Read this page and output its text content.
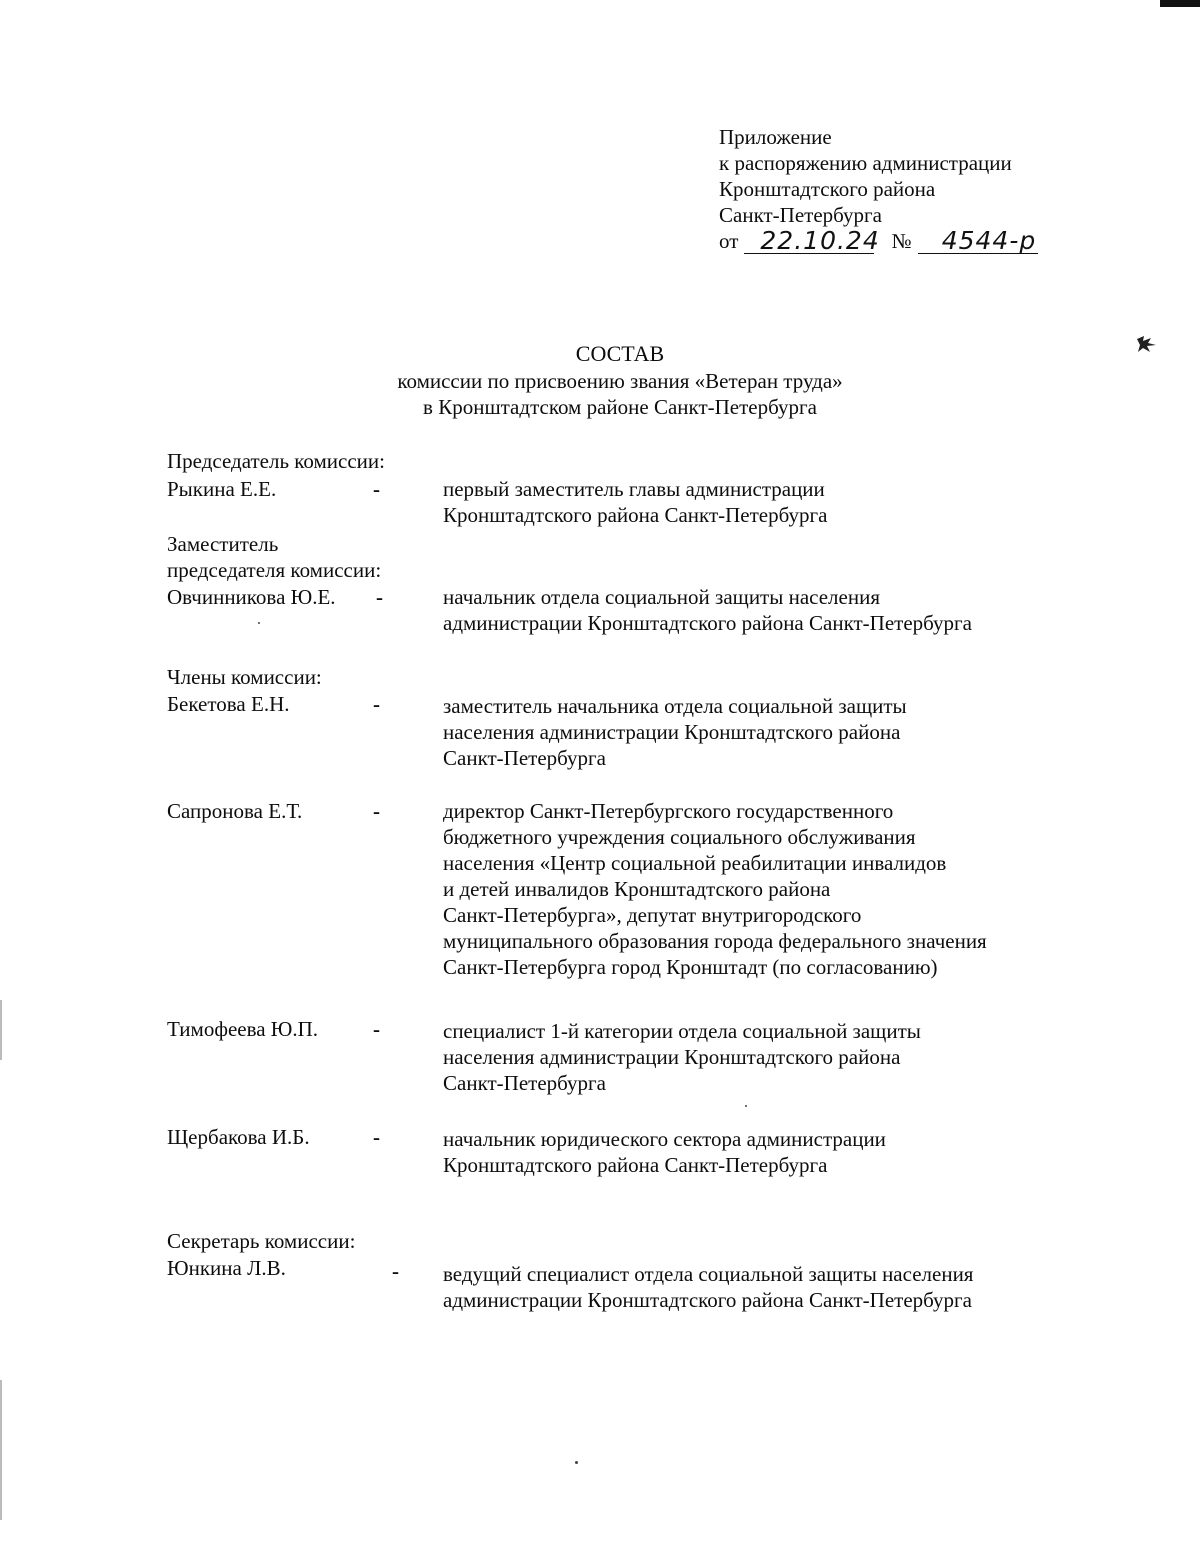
Приложение
к распоряжению администрации
Кронштадтского района
Санкт-Петербурга
от 22.10.24 № 4544-р
СОСТАВ
комиссии по присвоению звания «Ветеран труда»
в Кронштадтском районе Санкт-Петербурга
Председатель комиссии:
Рыкина Е.Е.	-	первый заместитель главы администрации
Кронштадтского района Санкт-Петербурга
Заместитель
председателя комиссии:
Овчинникова Ю.Е. -	начальник отдела социальной защиты населения
администрации Кронштадтского района Санкт-Петербурга
Члены комиссии:
Бекетова Е.Н.	-	заместитель начальника отдела социальной защиты
населения администрации Кронштадтского района
Санкт-Петербурга
Сапронова Е.Т.	-	директор Санкт-Петербургского государственного
бюджетного учреждения социального обслуживания
населения «Центр социальной реабилитации инвалидов
и детей инвалидов Кронштадтского района
Санкт-Петербурга», депутат внутригородского
муниципального образования города федерального значения
Санкт-Петербурга город Кронштадт (по согласованию)
Тимофеева Ю.П.	-	специалист 1-й категории отдела социальной защиты
населения администрации Кронштадтского района
Санкт-Петербурга
Щербакова И.Б.	-	начальник юридического сектора администрации
Кронштадтского района Санкт-Петербурга
Секретарь комиссии:
Юнкина Л.В.	- ведущий специалист отдела социальной защиты населения
администрации Кронштадтского района Санкт-Петербурга
